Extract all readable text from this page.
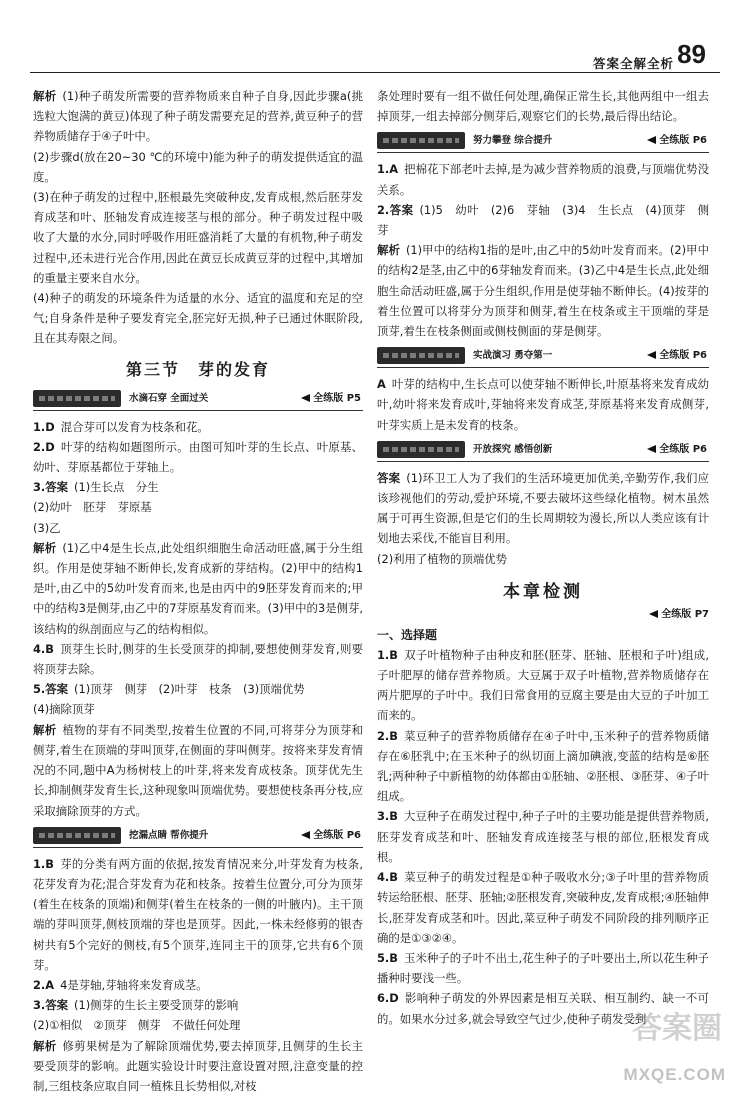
答案全解全析 89
解析 (1)种子萌发所需要的营养物质来自种子自身,因此步骤a(挑选粒大饱满的黄豆)体现了种子萌发需要充足的营养,黄豆种子的营养物质储存于④子叶中。
(2)步骤d(放在20~30 ℃的环境中)能为种子的萌发提供适宜的温度。
(3)在种子萌发的过程中,胚根最先突破种皮,发育成根,然后胚芽发育成茎和叶、胚轴发育成连接茎与根的部分。种子萌发过程中吸收了大量的水分,同时呼吸作用旺盛消耗了大量的有机物,种子萌发过程中,还未进行光合作用,因此在黄豆长成黄豆芽的过程中,其增加的重量主要来自水分。
(4)种子的萌发的环境条件为适量的水分、适宜的温度和充足的空气;自身条件是种子要发育完全,胚完好无损,种子已通过休眠阶段,且在其寿限之间。
第三节　芽的发育
水滴石穿 全面过关	全练版 P5
1.D 混合芽可以发育为枝条和花。
2.D 叶芽的结构如题图所示。由图可知叶芽的生长点、叶原基、幼叶、芽原基都位于芽轴上。
3.答案 (1)生长点　分生
(2)幼叶　胚芽　芽原基
(3)乙
解析 (1)乙中4是生长点,此处组织细胞生命活动旺盛,属于分生组织。作用是使芽轴不断伸长,发育成新的芽结构。(2)甲中的结构1是叶,由乙中的5幼叶发育而来,也是由丙中的9胚芽发育而来的;甲中的结构3是侧芽,由乙中的7芽原基发育而来。(3)甲中的3是侧芽,该结构的纵剖面应与乙的结构相似。
4.B 顶芽生长时,侧芽的生长受顶芽的抑制,要想使侧芽发育,则要将顶芽去除。
5.答案 (1)顶芽　侧芽　(2)叶芽　枝条　(3)顶端优势
(4)摘除顶芽
解析 植物的芽有不同类型,按着生位置的不同,可将芽分为顶芽和侧芽,着生在顶端的芽叫顶芽,在侧面的芽叫侧芽。按将来芽发育情况的不同,题中A为杨树枝上的叶芽,将来发育成枝条。顶芽优先生长,抑制侧芽发育生长,这种现象叫顶端优势。要想使枝条再分枝,应采取摘除顶芽的方式。
挖漏点睛 帮你提升	全练版 P6
1.B 芽的分类有两方面的依据,按发育情况来分,叶芽发育为枝条,花芽发育为花;混合芽发育为花和枝条。按着生位置分,可分为顶芽(着生在枝条的顶端)和侧芽(着生在枝条的一侧的叶腋内)。主干顶端的芽叫顶芽,侧枝顶端的芽也是顶芽。因此,一株未经修剪的银杏树共有5个完好的侧枝,有5个顶芽,连同主干的顶芽,它共有6个顶芽。
2.A 4是芽轴,芽轴将来发育成茎。
3.答案 (1)侧芽的生长主要受顶芽的影响
(2)①相似　②顶芽　侧芽　不做任何处理
解析 修剪果树是为了解除顶端优势,要去掉顶芽,且侧芽的生长主要受顶芽的影响。此题实验设计时要注意设置对照,注意变量的控制,三组枝条应取自同一植株且长势相似,对枝
条处理时要有一组不做任何处理,确保正常生长,其他两组中一组去掉顶芽,一组去掉部分侧芽后,观察它们的长势,最后得出结论。
努力攀登 综合提升	全练版 P6
1.A 把棉花下部老叶去掉,是为减少营养物质的浪费,与顶端优势没关系。
2.答案 (1)5　幼叶　(2)6　芽轴　(3)4　生长点　(4)顶芽　侧芽
解析 (1)甲中的结构1指的是叶,由乙中的5幼叶发育而来。(2)甲中的结构2是茎,由乙中的6芽轴发育而来。(3)乙中4是生长点,此处细胞生命活动旺盛,属于分生组织,作用是使芽轴不断伸长。(4)按芽的着生位置可以将芽分为顶芽和侧芽,着生在枝条或主干顶端的芽是顶芽,着生在枝条侧面或侧枝侧面的芽是侧芽。
实战演习 勇夺第一	全练版 P6
A 叶芽的结构中,生长点可以使芽轴不断伸长,叶原基将来发育成幼叶,幼叶将来发育成叶,芽轴将来发育成茎,芽原基将来发育成侧芽,叶芽实质上是未发育的枝条。
开放探究 感悟创新	全练版 P6
答案 (1)环卫工人为了我们的生活环境更加优美,辛勤劳作,我们应该珍视他们的劳动,爱护环境,不要去破坏这些绿化植物。树木虽然属于可再生资源,但是它们的生长周期较为漫长,所以人类应该有计划地去采伐,不能盲目利用。
(2)利用了植物的顶端优势
本章检测
全练版 P7
一、选择题
1.B 双子叶植物种子由种皮和胚(胚芽、胚轴、胚根和子叶)组成,子叶肥厚的储存营养物质。大豆属于双子叶植物,营养物质储存在两片肥厚的子叶中。我们日常食用的豆腐主要是由大豆的子叶加工而来的。
2.B 菜豆种子的营养物质储存在④子叶中,玉米种子的营养物质储存在⑥胚乳中;在玉米种子的纵切面上滴加碘液,变蓝的结构是⑥胚乳;两种种子中新植物的幼体都由①胚轴、②胚根、③胚芽、④子叶组成。
3.B 大豆种子在萌发过程中,种子子叶的主要功能是提供营养物质,胚芽发育成茎和叶、胚轴发育成连接茎与根的部位,胚根发育成根。
4.B 菜豆种子的萌发过程是①种子吸收水分;③子叶里的营养物质转运给胚根、胚芽、胚轴;②胚根发育,突破种皮,发育成根;④胚轴伸长,胚芽发育成茎和叶。因此,菜豆种子萌发不同阶段的排列顺序正确的是①③②④。
5.B 玉米种子的子叶不出土,花生种子的子叶要出土,所以花生种子播种时要浅一些。
6.D 影响种子萌发的外界因素是相互关联、相互制约、缺一不可的。如果水分过多,就会导致空气过少,使种子萌发受到
答案圈
MXQE.COM
